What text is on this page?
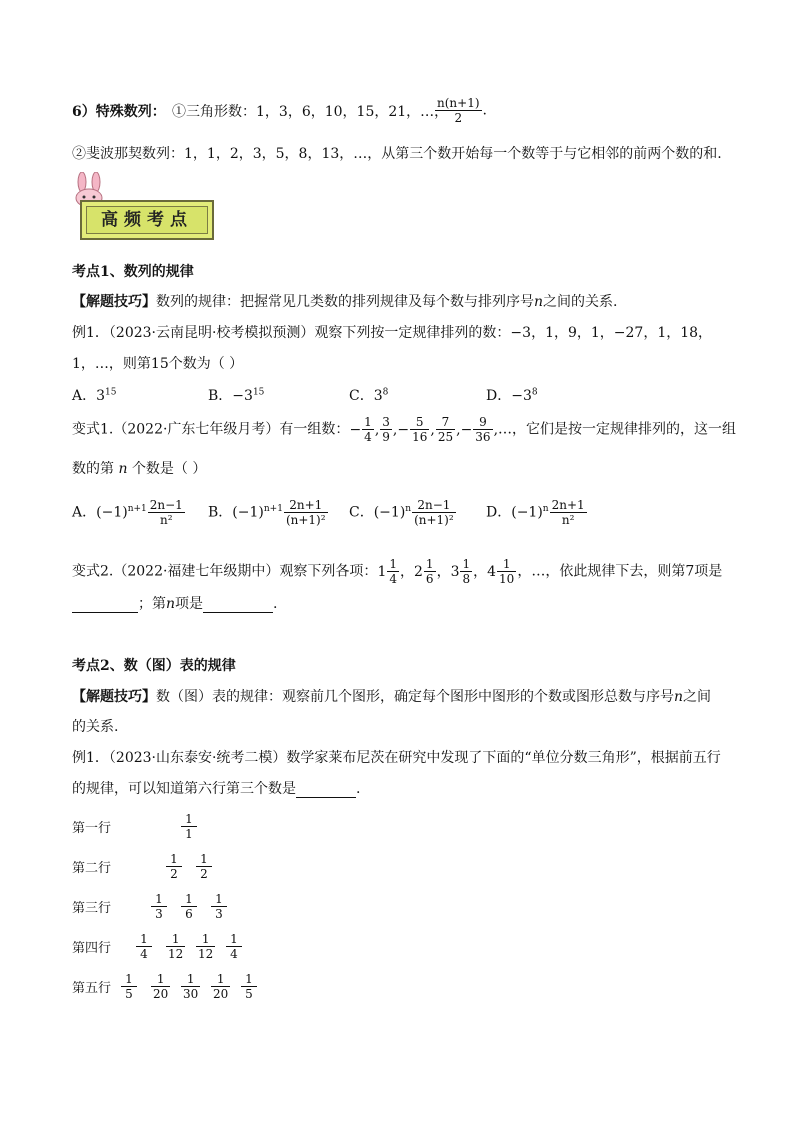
6）特殊数列： ①三角形数：1，3，6，10，15，21，…，
$\frac{n(n+1)}{2}$ .
②斐波那契数列：1，1，2，3，5，8，13，…，从第三个数开始每一个数等于与它相邻的前两个数的和.
高频考点
考点1、数列的规律
【解题技巧】数列的规律：把握常见几类数的排列规律及每个数与排列序号n之间的关系.
例1．（2023·云南昆明·校考模拟预测）观察下列按一定规律排列的数：−3，1，9，1，−27，1，18，
1，…，则第15个数为（ ）
A．$3^{15}$	B．$-3^{15}$	C．$3^8$	D．$-3^8$
变式1.（2022·广东七年级月考）有一组数：− $\frac{1}{4}$ , $\frac{3}{9}$ ,− $\frac{5}{16}$ , $\frac{7}{25}$ ,− $\frac{9}{36}$ ,…，它们是按一定规律排列的，这一组
数的第 n 个数是（ ）
A．$(-1)^{n+1} \frac{2n-1}{\text{n²}}$ B．$(-1)^{n+1} \frac{2n+1}{\text{(n+1)²}}$ C．$(-1)^n \frac{2n-1}{\text{(n+1)²}}$ D．$(-1)^n \frac{2n+1}{\text{n²}}$
变式2.（2022·福建七年级期中）观察下列各项：$1 \frac{1}{4}$ ，$2 \frac{1}{6}$ ，$3 \frac{1}{8}$ ，$4 \frac{1}{10}$ ，…，依此规律下去，则第7项是
；第n项是	.
考点2、数（图）表的规律
【解题技巧】数（图）表的规律：观察前几个图形，确定每个图形中图形的个数或图形总数与序号n之间
的关系.
例1．（2023·山东泰安·统考二模）数学家莱布尼茨在研究中发现了下面的“单位分数三角形”，根据前五行
的规律，可以知道第六行第三个数是	.
第一行	$\frac{1}{1}$
第二行	$\frac{1}{2} \frac{1}{2}$
第三行	$\frac{1}{3} \frac{1}{6} \frac{1}{3}$
第四行 $\frac{1}{4} \frac{1}{12} \frac{1}{12} \frac{1}{4}$
第五行 $\frac{1}{5} \frac{1}{20} \frac{1}{30} \frac{1}{20} \frac{1}{5}$
